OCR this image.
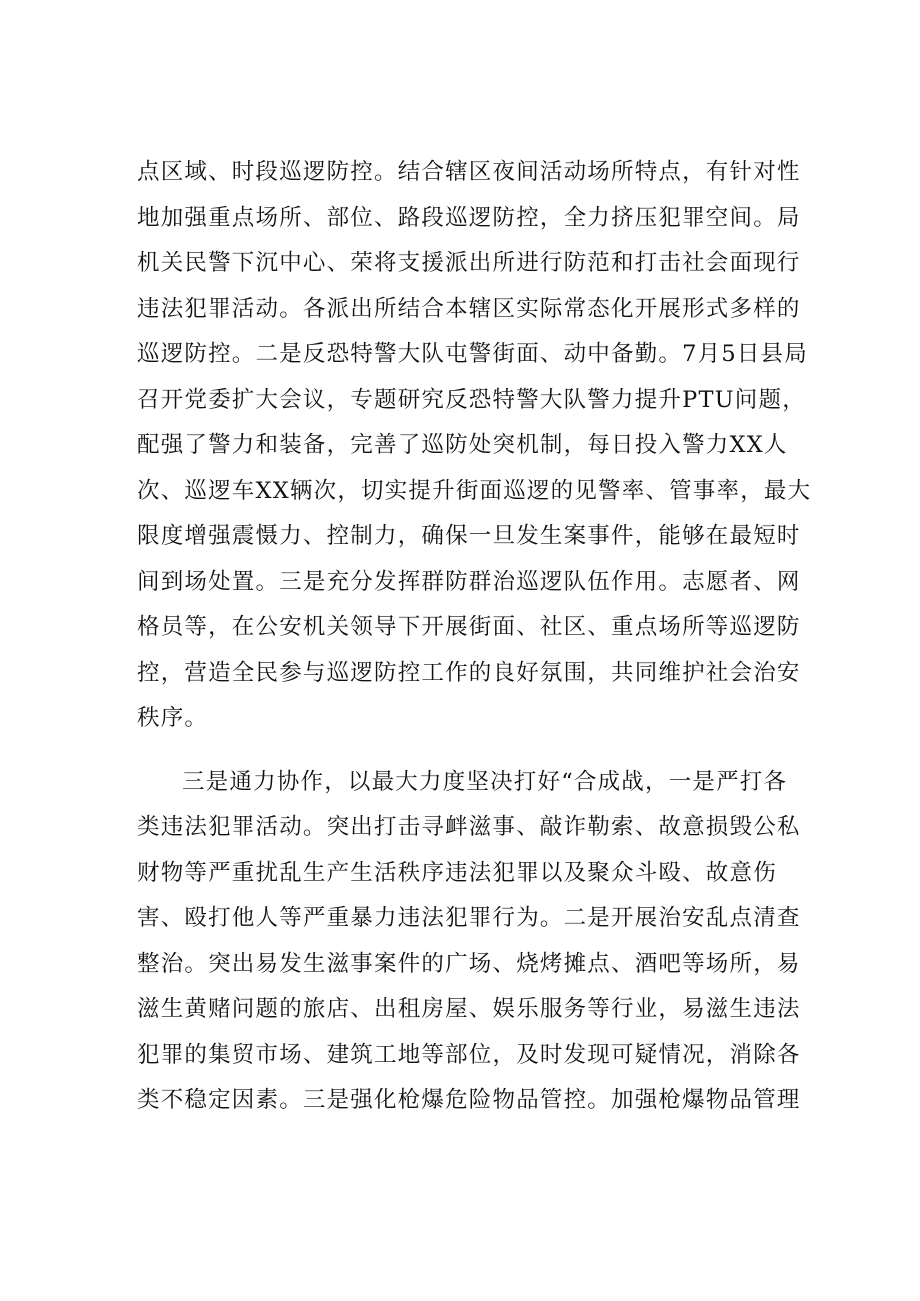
点区域、时段巡逻防控。结合辖区夜间活动场所特点，有针对性
地加强重点场所、部位、路段巡逻防控，全力挤压犯罪空间。局
机关民警下沉中心、荣将支援派出所进行防范和打击社会面现行
违法犯罪活动。各派出所结合本辖区实际常态化开展形式多样的
巡逻防控。二是反恐特警大队屯警街面、动中备勤。7月5日县局
召开党委扩大会议，专题研究反恐特警大队警力提升PTU问题，
配强了警力和装备，完善了巡防处突机制，每日投入警力XX人
次、巡逻车XX辆次，切实提升街面巡逻的见警率、管事率，最大
限度增强震慑力、控制力，确保一旦发生案事件，能够在最短时
间到场处置。三是充分发挥群防群治巡逻队伍作用。志愿者、网
格员等，在公安机关领导下开展街面、社区、重点场所等巡逻防
控，营造全民参与巡逻防控工作的良好氛围，共同维护社会治安
秩序。
三是通力协作，以最大力度坚决打好“合成战，一是严打各
类违法犯罪活动。突出打击寻衅滋事、敲诈勒索、故意损毁公私
财物等严重扰乱生产生活秩序违法犯罪以及聚众斗殴、故意伤
害、殴打他人等严重暴力违法犯罪行为。二是开展治安乱点清查
整治。突出易发生滋事案件的广场、烧烤摊点、酒吧等场所，易
滋生黄赌问题的旅店、出租房屋、娱乐服务等行业，易滋生违法
犯罪的集贸市场、建筑工地等部位，及时发现可疑情况，消除各
类不稳定因素。三是强化枪爆危险物品管控。加强枪爆物品管理
